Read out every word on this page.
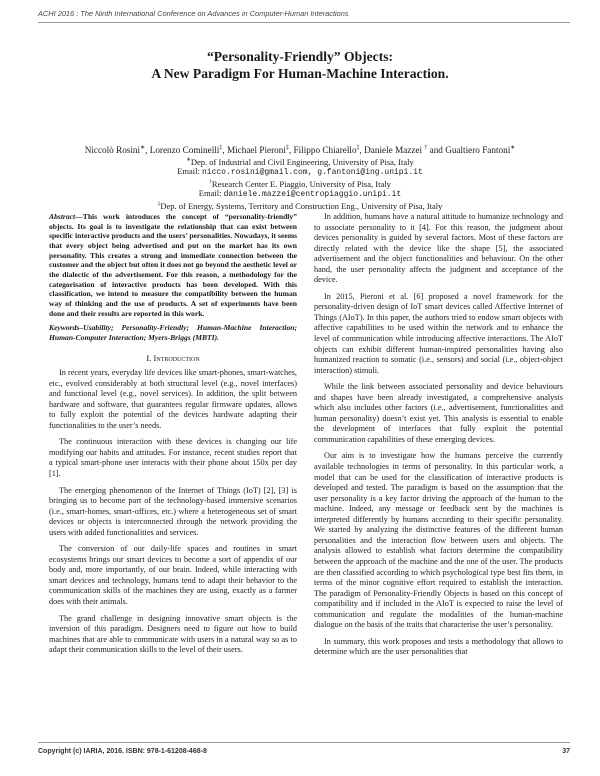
ACHI 2016 : The Ninth International Conference on Advances in Computer-Human Interactions
“Personality-Friendly” Objects:
A New Paradigm For Human-Machine Interaction.
Niccolò Rosini∗, Lorenzo Cominelli‡, Michael Pieroni‡, Filippo Chiarello‡, Daniele Mazzei † and Gualtiero Fantoni∗
∗Dep. of Industrial and Civil Engineering, University of Pisa, Italy
Email: nicco.rosini@gmail.com, g.fantoni@ing.unipi.it
†Research Center E. Piaggio, University of Pisa, Italy
Email: daniele.mazzei@centropiaggio.unipi.it
‡Dep. of Energy, Systems, Territory and Construction Eng., University of Pisa, Italy

Abstract—This work introduces the concept of “personality-friendly” objects. Its goal is to investigate the relationship that can exist between specific interactive products and the users’ personalities. Nowadays, it seems that every object being advertised and put on the market has its own personality. This creates a strong and immediate connection between the customer and the object but often it does not go beyond the aesthetic level or the dialectic of the advertisement. For this reason, a methodology for the categorisation of interactive products has been developed. With this classification, we intend to measure the compatibility between the human way of thinking and the use of products. A set of experiments have been done and their results are reported in this work.

Keywords–Usability; Personality-Friendly; Human-Machine Interaction; Human-Computer Interaction; Myers-Briggs (MBTI).

I. Introduction

In recent years, everyday life devices like smart-phones, smart-watches, etc., evolved considerably at both structural level (e.g., novel interfaces) and functional level (e.g., novel services). In addition, the split between hardware and software, that guarantees regular firmware updates, allows to fully exploit the potential of the devices hardware adapting their functionalities to the user’s needs.

The continuous interaction with these devices is changing our life modifying our habits and attitudes. For instance, recent studies report that a typical smart-phone user interacts with their phone about 150x per day [1].

The emerging phenomenon of the Internet of Things (IoT) [2], [3] is bringing us to become part of the technology-based immersive scenarios (i.e., smart-homes, smart-offices, etc.) where a heterogeneous set of smart devices or objects is interconnected through the network providing the users with added functionalities and services.

The conversion of our daily-life spaces and routines in smart ecosystems brings our smart devices to become a sort of appendix of our body and, more importantly, of our brain. Indeed, while interacting with smart devices and technology, humans tend to adapt their behavior to the communication skills of the machines they are using, exactly as a farmer does with their animals.

The grand challenge in designing innovative smart objects is the inversion of this paradigm. Designers need to figure out how to build machines that are able to communicate with users in a natural way so as to adapt their communication skills to the level of their users.

In addition, humans have a natural attitude to humanize technology and to associate personality to it [4]. For this reason, the judgment about devices personality is guided by several factors. Most of these factors are directly related with the device like the shape [5], the associated advertisement and the object functionalities and behaviour. On the other hand, the user personality affects the judgment and acceptance of the device.

In 2015, Pieroni et al. [6] proposed a novel framework for the personality-driven design of IoT smart devices called Affective Internet of Things (AIoT). In this paper, the authors tried to endow smart objects with affective capabilities to be used within the network and to enhance the level of communication while introducing affective interactions. The AIoT objects can exhibit different human-inspired personalities having also humanized reaction to somatic (i.e., sensors) and social (i.e., object-object interaction) stimuli.

While the link between associated personality and device behaviours and shapes have been already investigated, a comprehensive analysis which also includes other factors (i.e., advertisement, functionalities and human personality) doesn’t exist yet. This analysis is essential to enable the development of interfaces that fully exploit the potential communication capabilities of these emerging devices.

Our aim is to investigate how the humans perceive the currently available technologies in terms of personality. In this particular work, a model that can be used for the classification of interactive products is developed and tested. The paradigm is based on the assumption that the user personality is a key factor driving the approach of the human to the machine. Indeed, any message or feedback sent by the machines is interpreted differently by humans according to their specific personality. We started by analyzing the distinctive features of the different human personalities and the interaction flow between users and objects. The analysis allowed to establish what factors determine the compatibility between the approach of the machine and the one of the user. The products are then classified according to which psychological type best fits them, in terms of the minor cognitive effort required to establish the interaction. The paradigm of Personality-Friendly Objects is based on this concept of compatibility and if included in the AIoT is expected to raise the level of communication and regulate the modalities of the human-machine dialogue on the basis of the traits that characterise the user’s personality.

In summary, this work proposes and tests a methodology that allows to determine which are the user personalities that

Copyright (c) IARIA, 2016. ISBN: 978-1-61208-468-8	37
